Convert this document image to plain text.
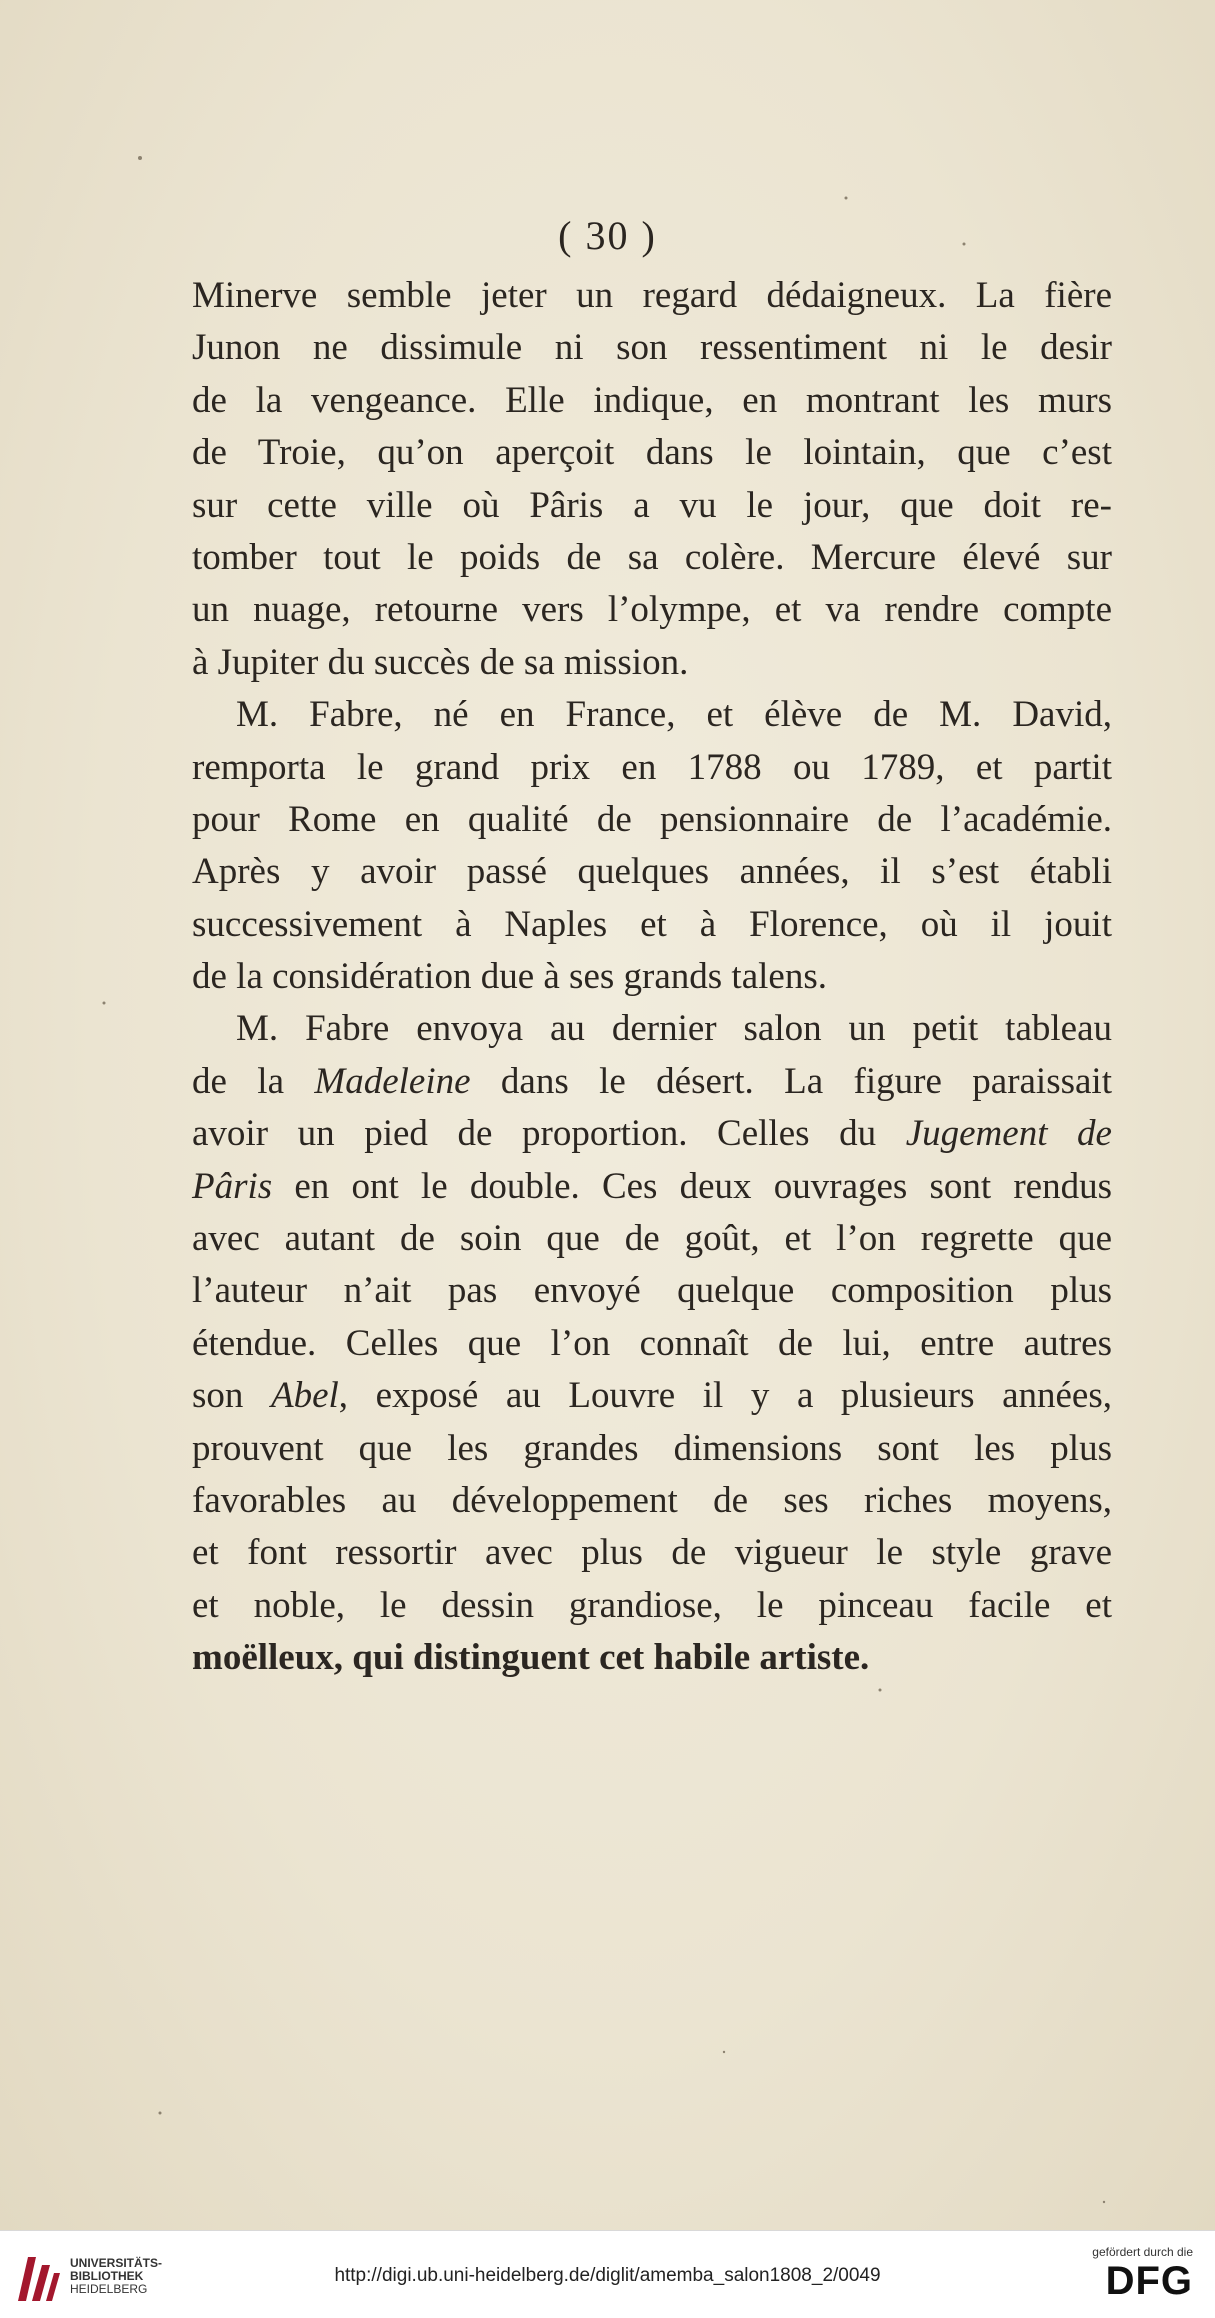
( 30 )
Minerve semble jeter un regard dédaigneux. La fière
Junon ne dissimule ni son ressentiment ni le desir
de la vengeance. Elle indique, en montrant les murs
de Troie, qu’on aperçoit dans le lointain, que c’est
sur cette ville où Pâris a vu le jour, que doit re-
tomber tout le poids de sa colère. Mercure élevé sur
un nuage, retourne vers l’olympe, et va rendre compte
à Jupiter du succès de sa mission.
M. Fabre, né en France, et élève de M. David,
remporta le grand prix en 1788 ou 1789, et partit
pour Rome en qualité de pensionnaire de l’académie.
Après y avoir passé quelques années, il s’est établi
successivement à Naples et à Florence, où il jouit
de la considération due à ses grands talens.
M. Fabre envoya au dernier salon un petit tableau
de la Madeleine dans le désert. La figure paraissait
avoir un pied de proportion. Celles du Jugement de
Pâris en ont le double. Ces deux ouvrages sont rendus
avec autant de soin que de goût, et l’on regrette que
l’auteur n’ait pas envoyé quelque composition plus
étendue. Celles que l’on connaît de lui, entre autres
son Abel, exposé au Louvre il y a plusieurs années,
prouvent que les grandes dimensions sont les plus
favorables au développement de ses riches moyens,
et font ressortir avec plus de vigueur le style grave
et noble, le dessin grandiose, le pinceau facile et
moëlleux, qui distinguent cet habile artiste.
UNIVERSITÄTS-
BIBLIOTHEK
HEIDELBERG
http://digi.ub.uni-heidelberg.de/diglit/amemba_salon1808_2/0049
gefördert durch die
DFG
